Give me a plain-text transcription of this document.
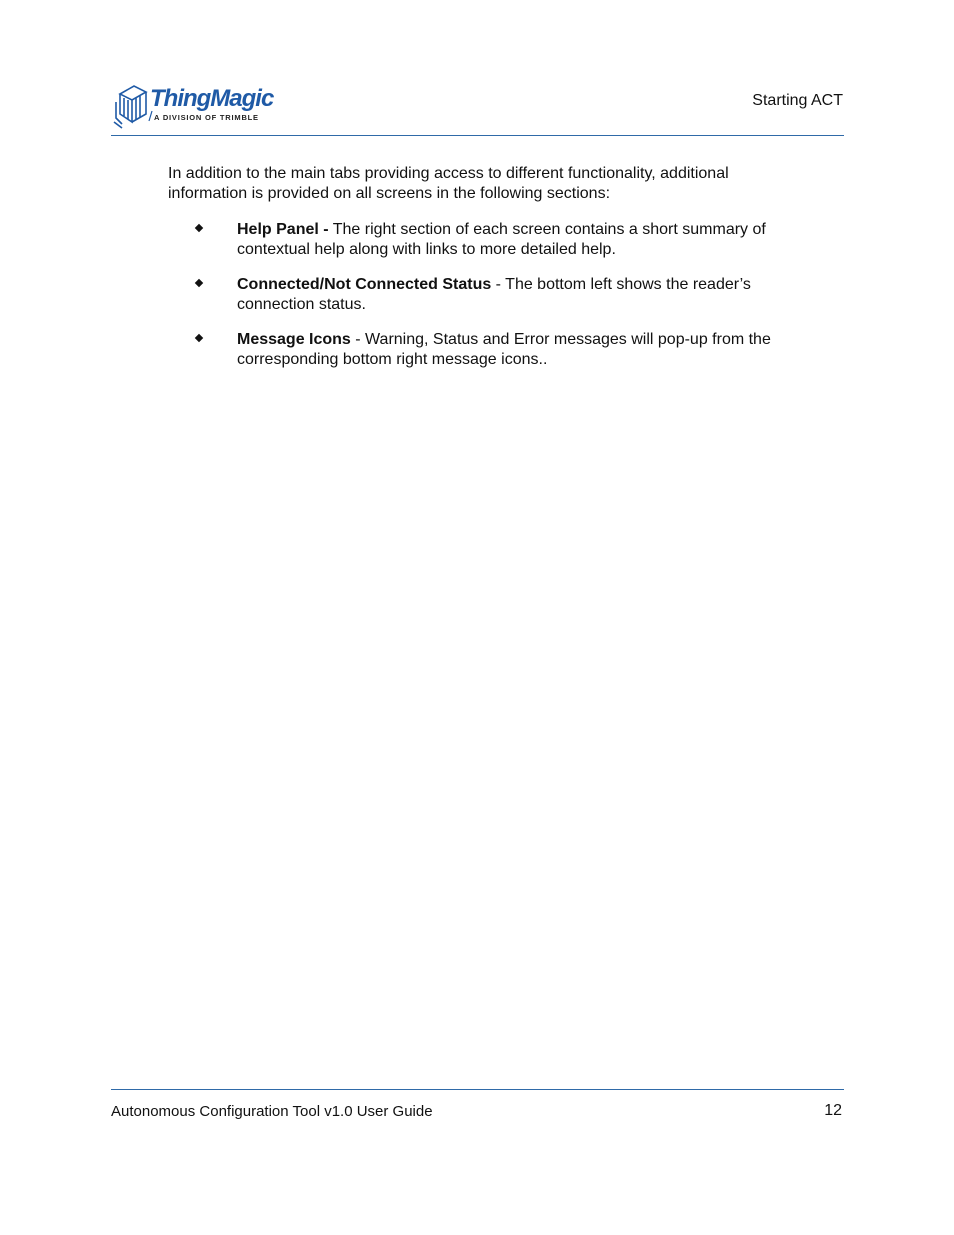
ThingMagic
A DIVISION OF TRIMBLE
Starting ACT

In addition to the main tabs providing access to different functionality, additional information is provided on all screens in the following sections:

Help Panel - The right section of each screen contains a short summary of contextual help along with links to more detailed help.
Connected/Not Connected Status - The bottom left shows the reader’s connection status.
Message Icons - Warning, Status and Error messages will pop-up from the corresponding bottom right message icons..
Autonomous Configuration Tool v1.0 User Guide	12
